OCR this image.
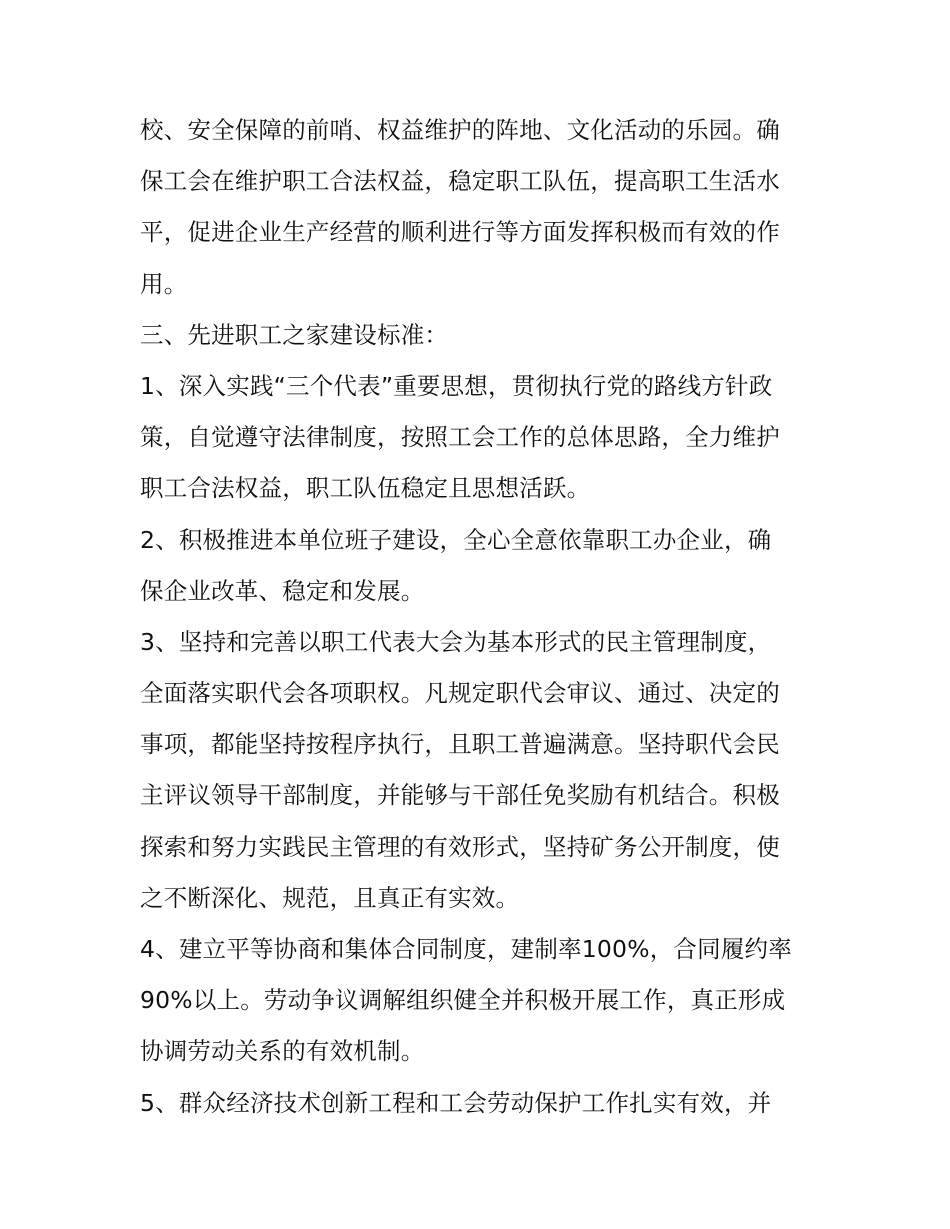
校、安全保障的前哨、权益维护的阵地、文化活动的乐园。确
保工会在维护职工合法权益，稳定职工队伍，提高职工生活水
平，促进企业生产经营的顺利进行等方面发挥积极而有效的作
用。
三、先进职工之家建设标准：
1、深入实践“三个代表”重要思想，贯彻执行党的路线方针政
策，自觉遵守法律制度，按照工会工作的总体思路，全力维护
职工合法权益，职工队伍稳定且思想活跃。
2、积极推进本单位班子建设，全心全意依靠职工办企业，确
保企业改革、稳定和发展。
3、坚持和完善以职工代表大会为基本形式的民主管理制度，
全面落实职代会各项职权。凡规定职代会审议、通过、决定的
事项，都能坚持按程序执行，且职工普遍满意。坚持职代会民
主评议领导干部制度，并能够与干部任免奖励有机结合。积极
探索和努力实践民主管理的有效形式，坚持矿务公开制度，使
之不断深化、规范，且真正有实效。
4、建立平等协商和集体合同制度，建制率100%，合同履约率
90%以上。劳动争议调解组织健全并积极开展工作，真正形成
协调劳动关系的有效机制。
5、群众经济技术创新工程和工会劳动保护工作扎实有效，并
